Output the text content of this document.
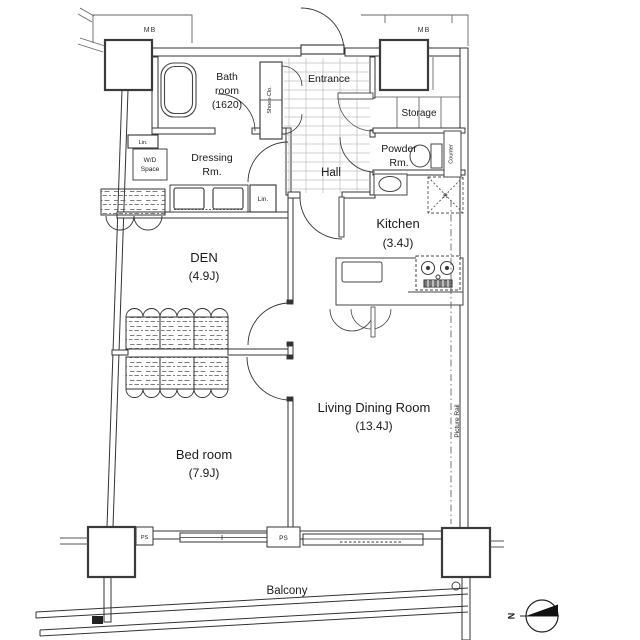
N
MB	MB
Bath
room
(1620)	Shoes-Clo.
Entrance
Storage
Lin.
W/D
Space
Dressing
Rm.
Powder
Rm.	Counter
Hall
Lin.	R
Kitchen
(3.4J)
DEN
(4.9J)
Living Dining Room
(13.4J)	Picture Rail
Bed room
(7.9J)
PS	PS
Balcony
